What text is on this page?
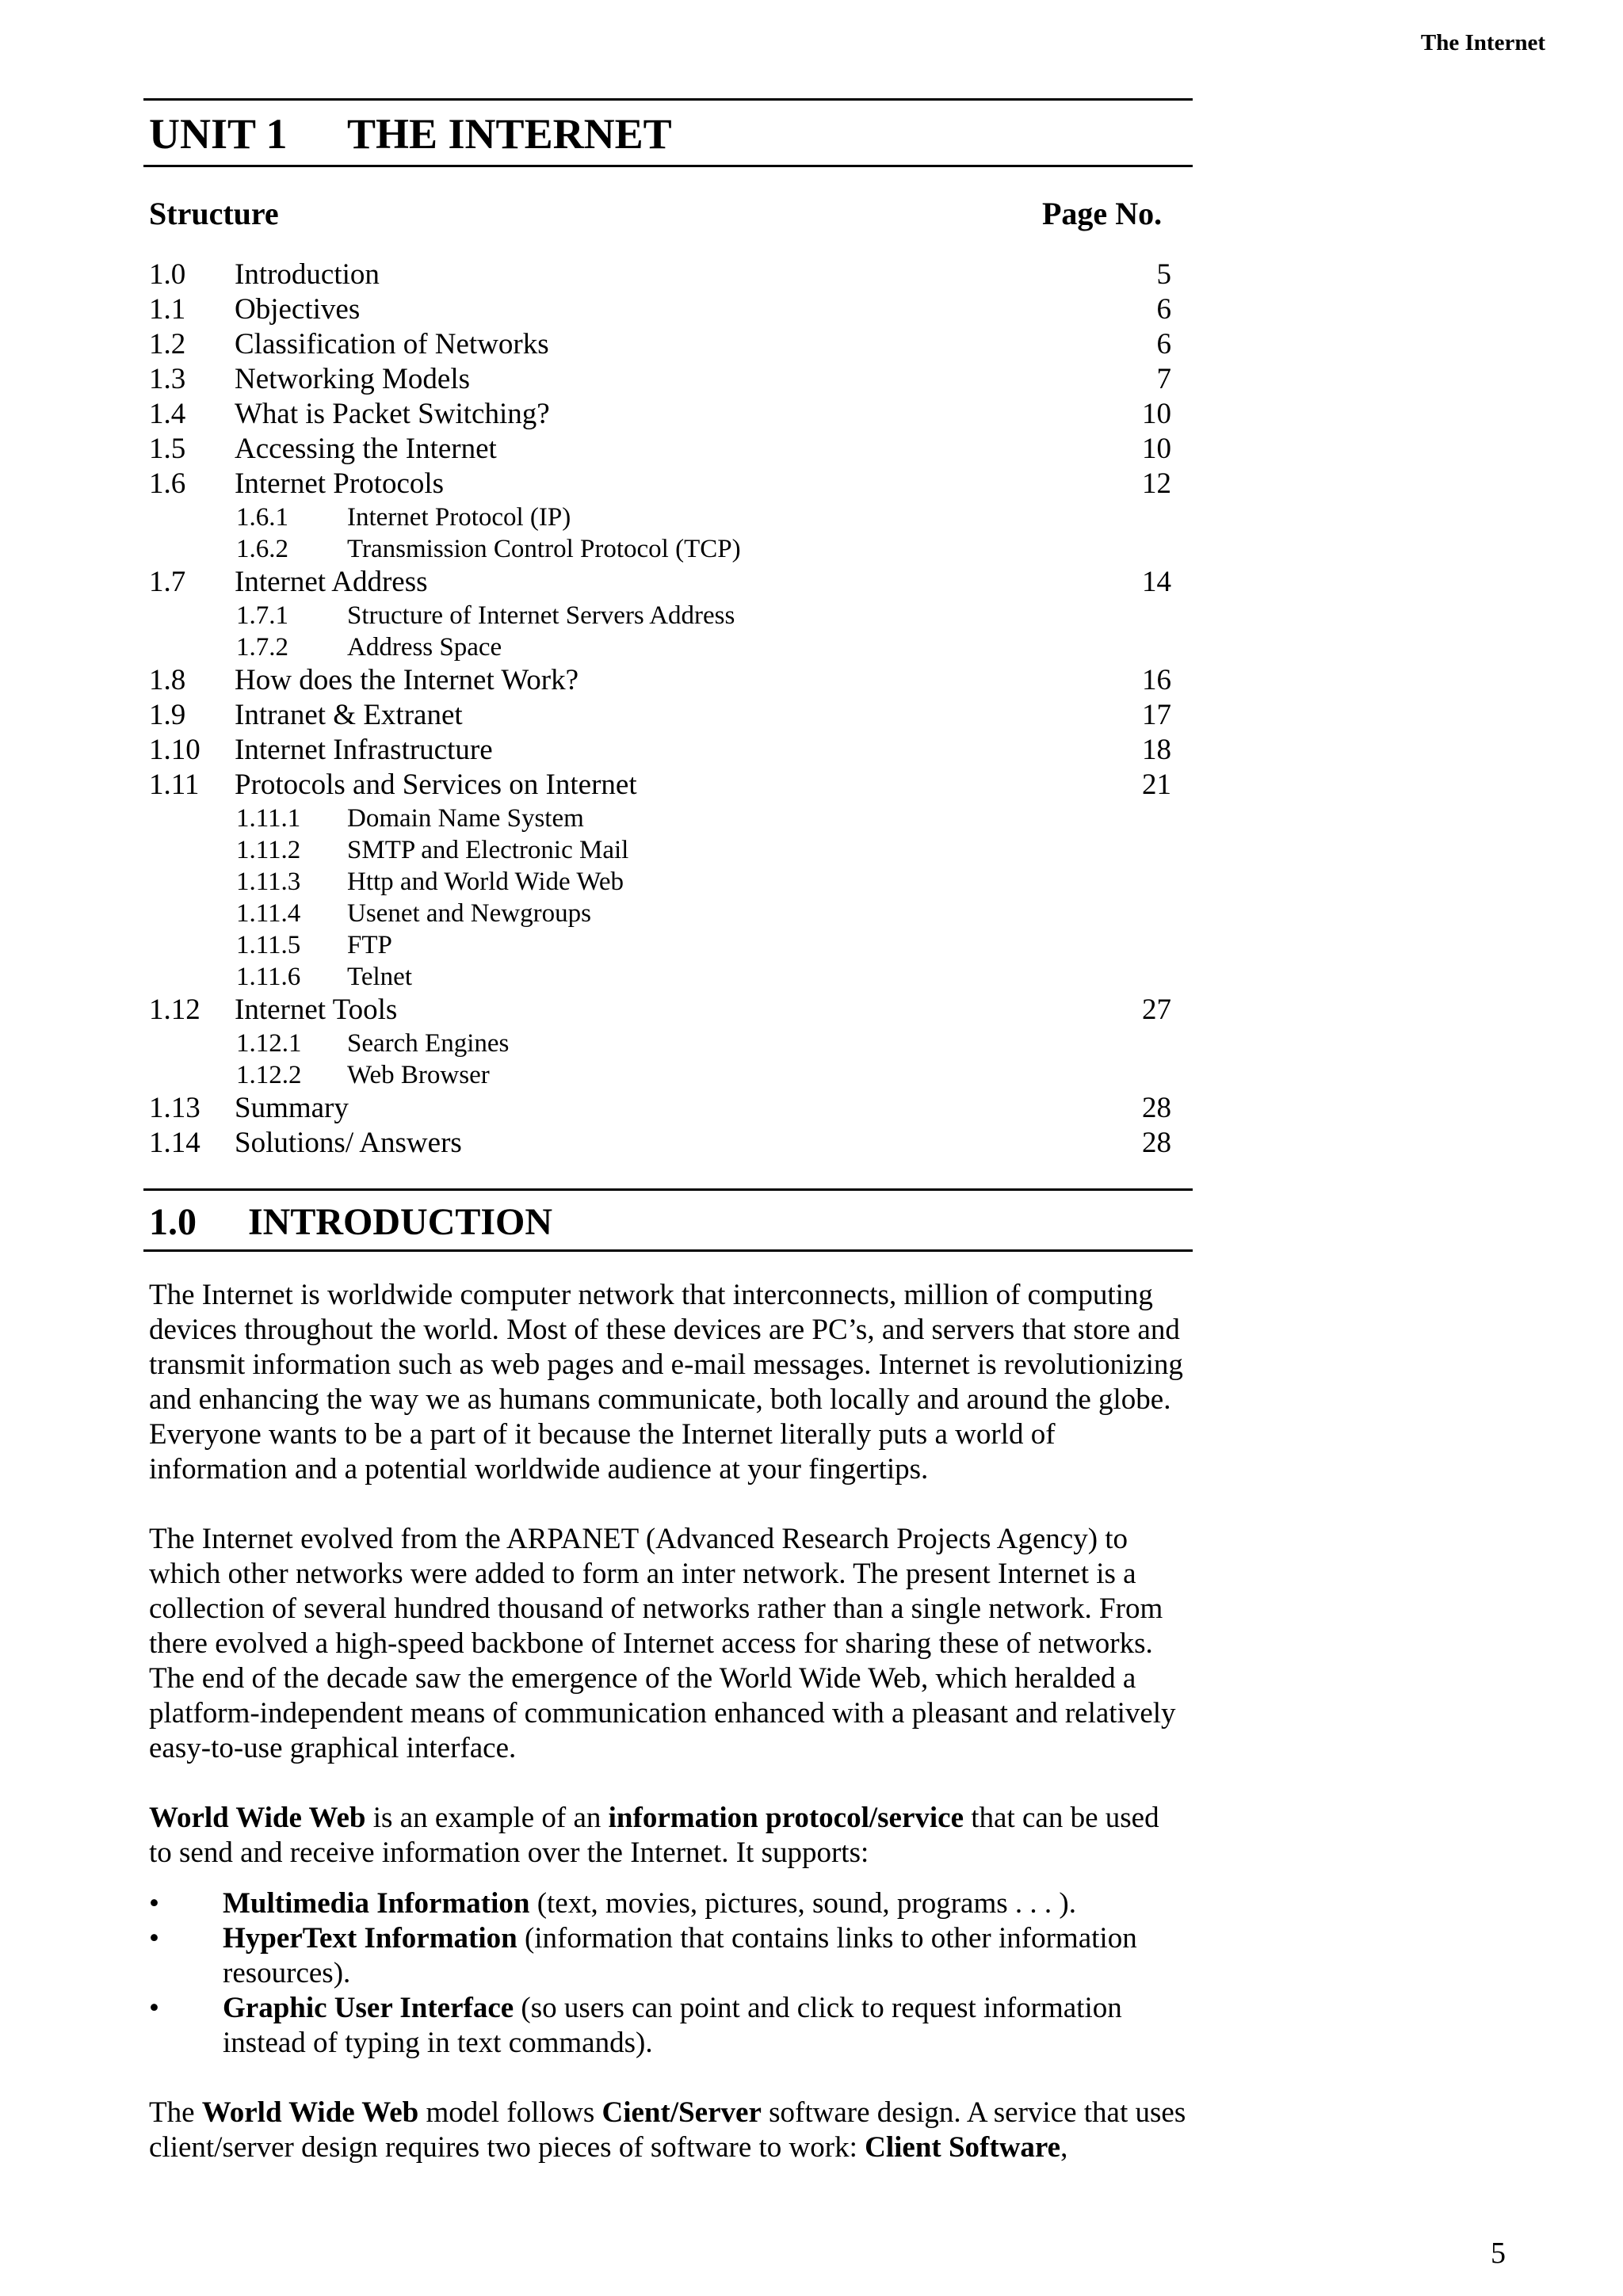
The Internet
UNIT 1 THE INTERNET
Structure	Page No.
1.0 Introduction	5
1.1 Objectives	6
1.2 Classification of Networks	6
1.3 Networking Models	7
1.4 What is Packet Switching?	10
1.5 Accessing the Internet	10
1.6 Internet Protocols	12
1.6.1 Internet Protocol (IP)
1.6.2 Transmission Control Protocol (TCP)
1.7 Internet Address	14
1.7.1 Structure of Internet Servers Address
1.7.2 Address Space
1.8 How does the Internet Work?	16
1.9 Intranet & Extranet	17
1.10 Internet Infrastructure	18
1.11 Protocols and Services on Internet	21
1.11.1 Domain Name System
1.11.2 SMTP and Electronic Mail
1.11.3 Http and World Wide Web
1.11.4 Usenet and Newgroups
1.11.5 FTP
1.11.6 Telnet
1.12 Internet Tools	27
1.12.1 Search Engines
1.12.2 Web Browser
1.13 Summary	28
1.14 Solutions/ Answers	28
1.0 INTRODUCTION

The Internet is worldwide computer network that interconnects, million of computing devices throughout the world. Most of these devices are PC’s, and servers that store and transmit information such as web pages and e-mail messages. Internet is revolutionizing and enhancing the way we as humans communicate, both locally and around the globe. Everyone wants to be a part of it because the Internet literally puts a world of information and a potential worldwide audience at your fingertips.

The Internet evolved from the ARPANET (Advanced Research Projects Agency) to which other networks were added to form an inter network. The present Internet is a collection of several hundred thousand of networks rather than a single network. From there evolved a high-speed backbone of Internet access for sharing these of networks. The end of the decade saw the emergence of the World Wide Web, which heralded a platform-independent means of communication enhanced with a pleasant and relatively easy-to-use graphical interface.

World Wide Web is an example of an information protocol/service that can be used to send and receive information over the Internet. It supports:

• Multimedia Information (text, movies, pictures, sound, programs . . . ).
• HyperText Information (information that contains links to other information resources).
• Graphic User Interface (so users can point and click to request information instead of typing in text commands).

The World Wide Web model follows Cient/Server software design. A service that uses client/server design requires two pieces of software to work: Client Software,

5
